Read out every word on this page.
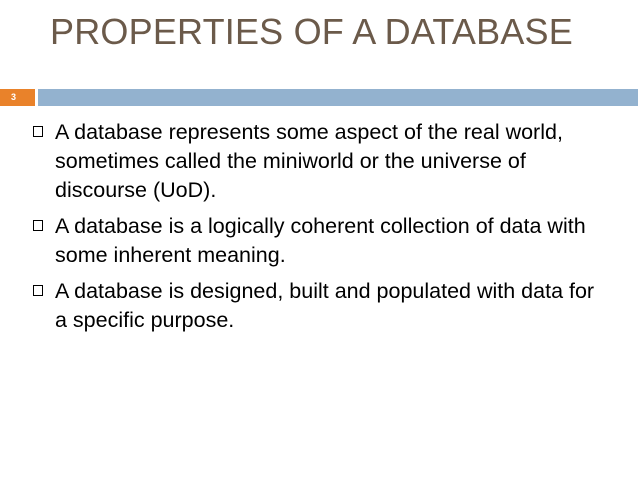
PROPERTIES OF A DATABASE
3
A database represents some aspect of the real world, sometimes called the miniworld or the universe of discourse (UoD).
A database is a logically coherent collection of data with some inherent meaning.
A database is designed, built and populated with data for a specific purpose.
